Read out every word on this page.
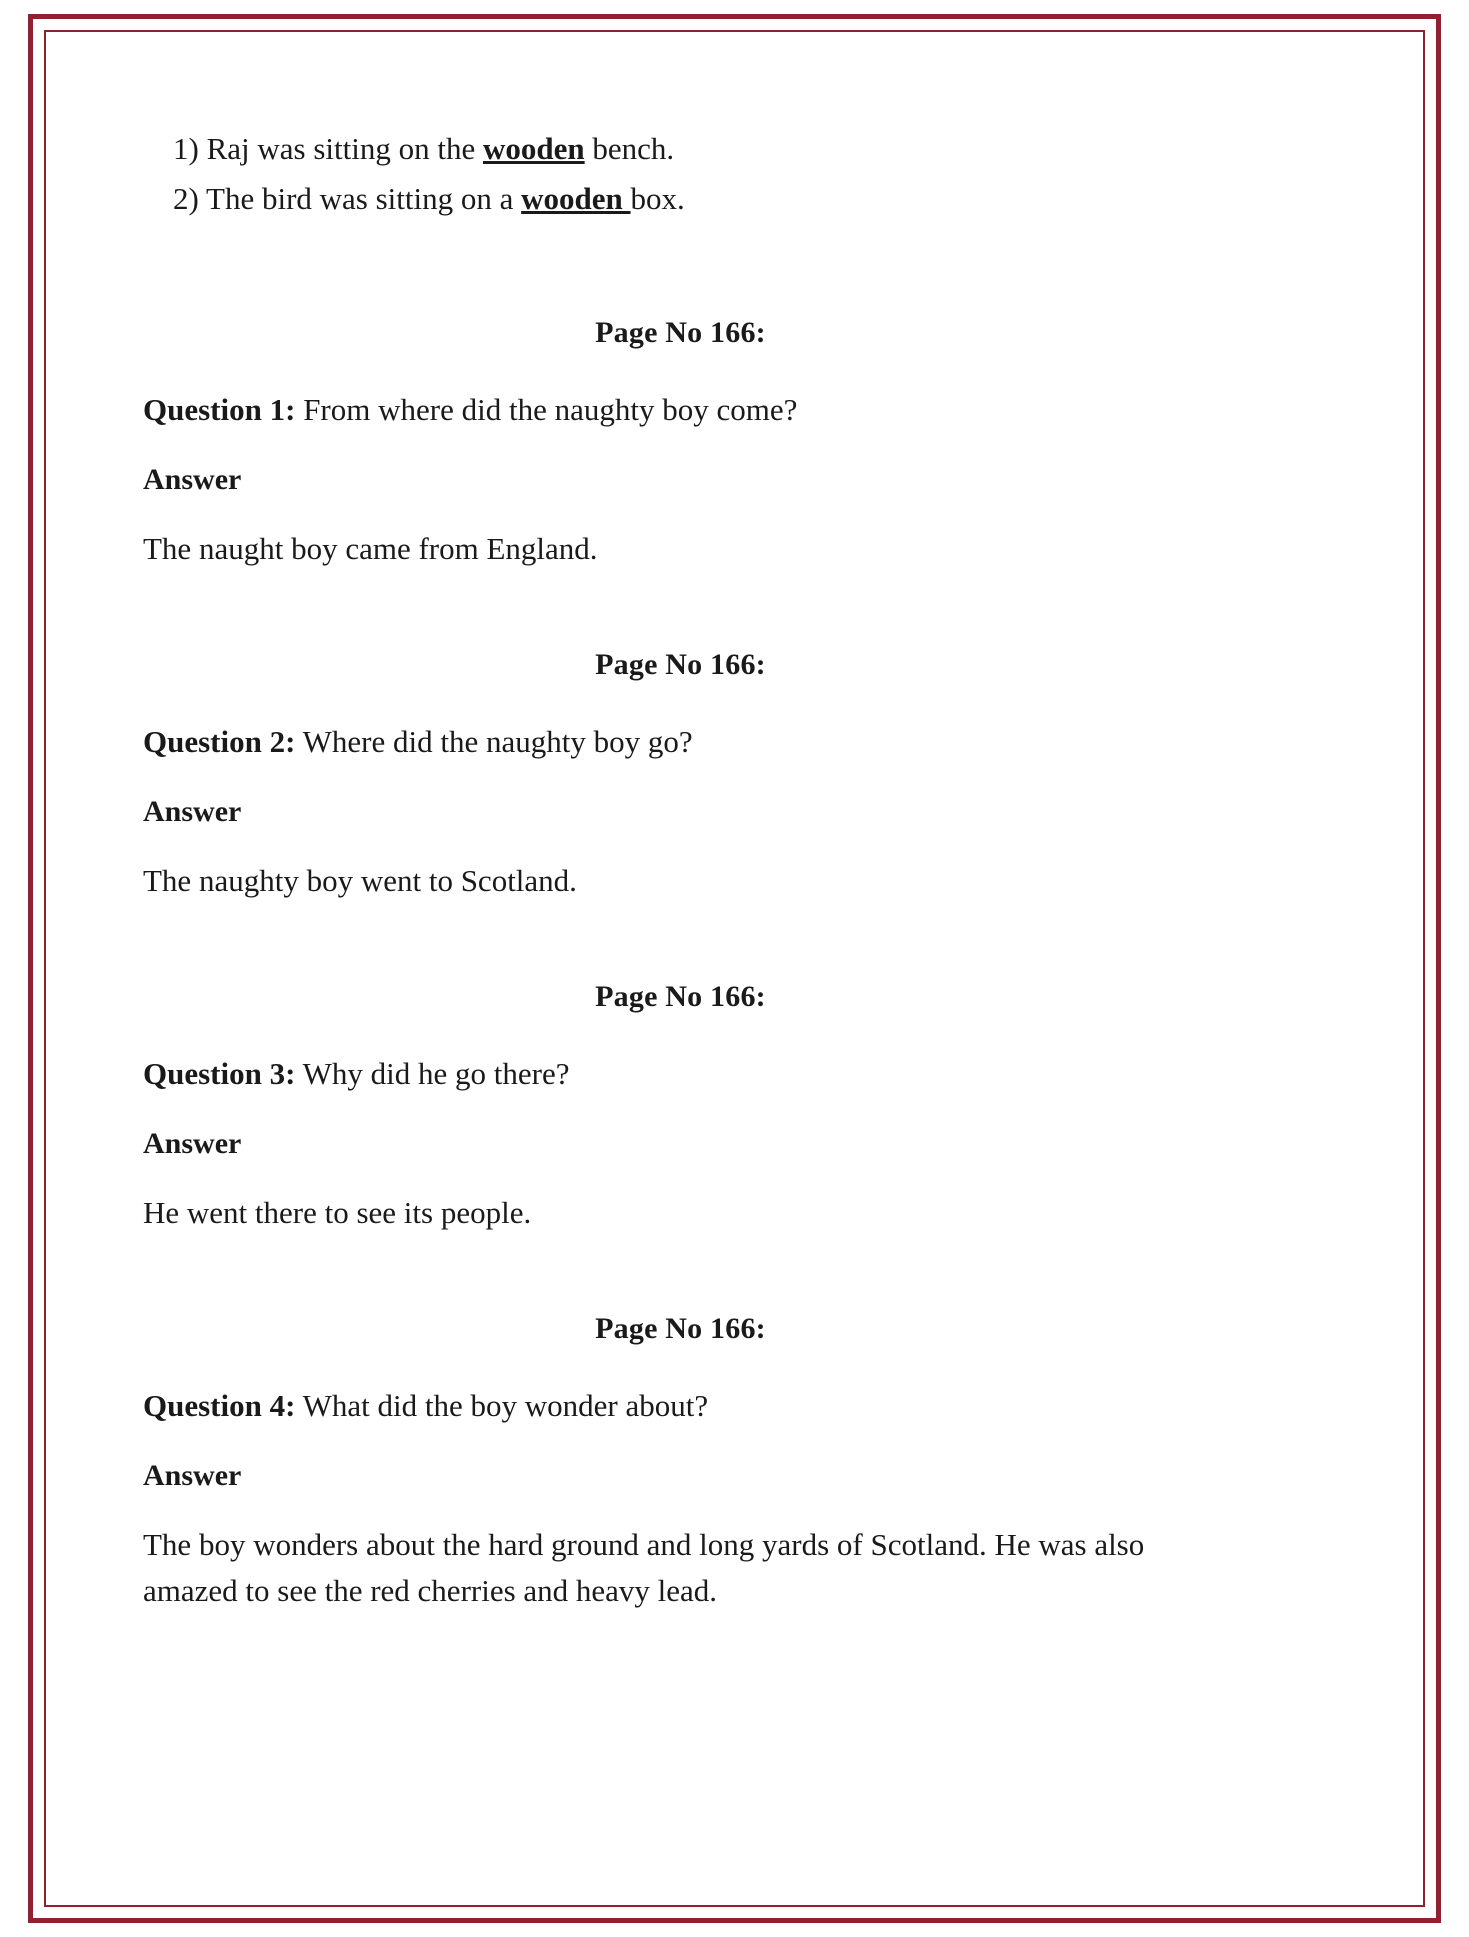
1) Raj was sitting on the wooden bench.
2) The bird was sitting on a wooden box.
Page No 166:
Question 1: From where did the naughty boy come?
Answer
The naught boy came from England.
Page No 166:
Question 2: Where did the naughty boy go?
Answer
The naughty boy went to Scotland.
Page No 166:
Question 3: Why did he go there?
Answer
He went there to see its people.
Page No 166:
Question 4: What did the boy wonder about?
Answer
The boy wonders about the hard ground and long yards of Scotland. He was also amazed to see the red cherries and heavy lead.
